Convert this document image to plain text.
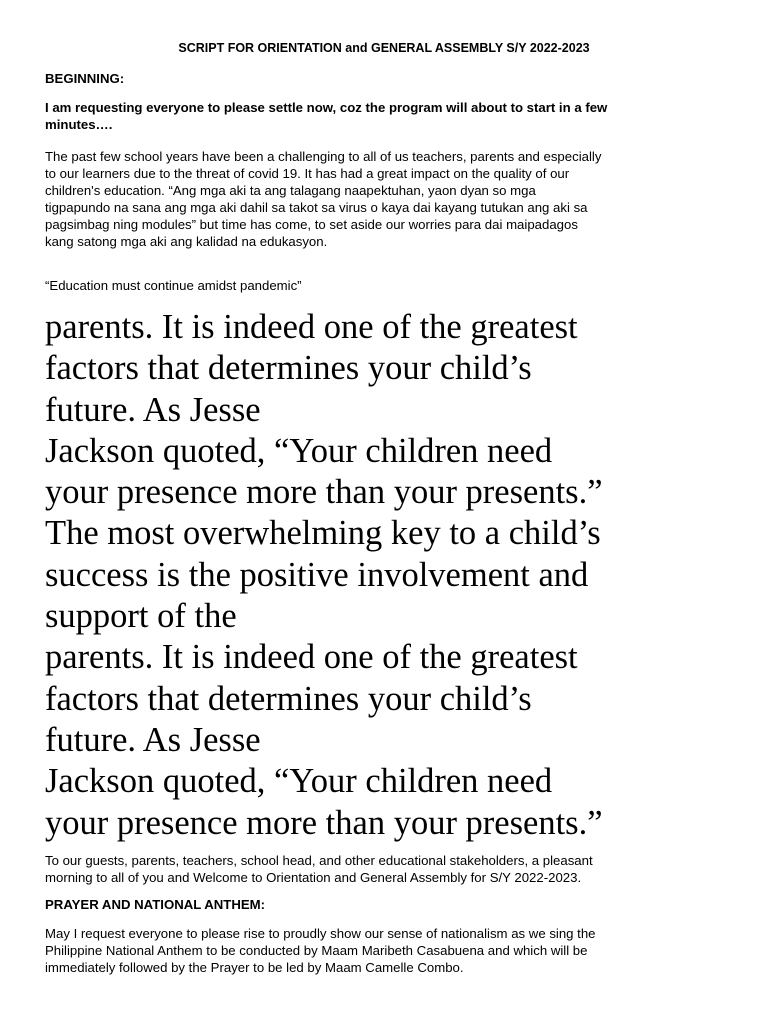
SCRIPT FOR ORIENTATION and GENERAL ASSEMBLY S/Y 2022-2023

BEGINNING:

I am requesting everyone to please settle now, coz the program will about to start in a few

minutes….

The past few school years have been a challenging to all of us teachers, parents and especially

to our learners due to the threat of covid 19. It has had a great impact on the quality of our

children's education. “Ang mga aki ta ang talagang naapektuhan, yaon dyan so mga

tigpapundo na sana ang mga aki dahil sa takot sa virus o kaya dai kayang tutukan ang aki sa

pagsimbag ning modules” but time has come, to set aside our worries para dai maipadagos

kang satong mga aki ang kalidad na edukasyon.

“Education must continue amidst pandemic”

parents. It is indeed one of the greatest
factors that determines your child’s
future. As Jesse
Jackson quoted, “Your children need
your presence more than your presents.”
The most overwhelming key to a child’s
success is the positive involvement and
support of the
parents. It is indeed one of the greatest
factors that determines your child’s
future. As Jesse
Jackson quoted, “Your children need
your presence more than your presents.”

To our guests, parents, teachers, school head, and other educational stakeholders, a pleasant

morning to all of you and Welcome to Orientation and General Assembly for S/Y 2022-2023.

PRAYER AND NATIONAL ANTHEM:

May I request everyone to please rise to proudly show our sense of nationalism as we sing the

Philippine National Anthem to be conducted by Maam Maribeth Casabuena and which will be

immediately followed by the Prayer to be led by Maam Camelle Combo.
